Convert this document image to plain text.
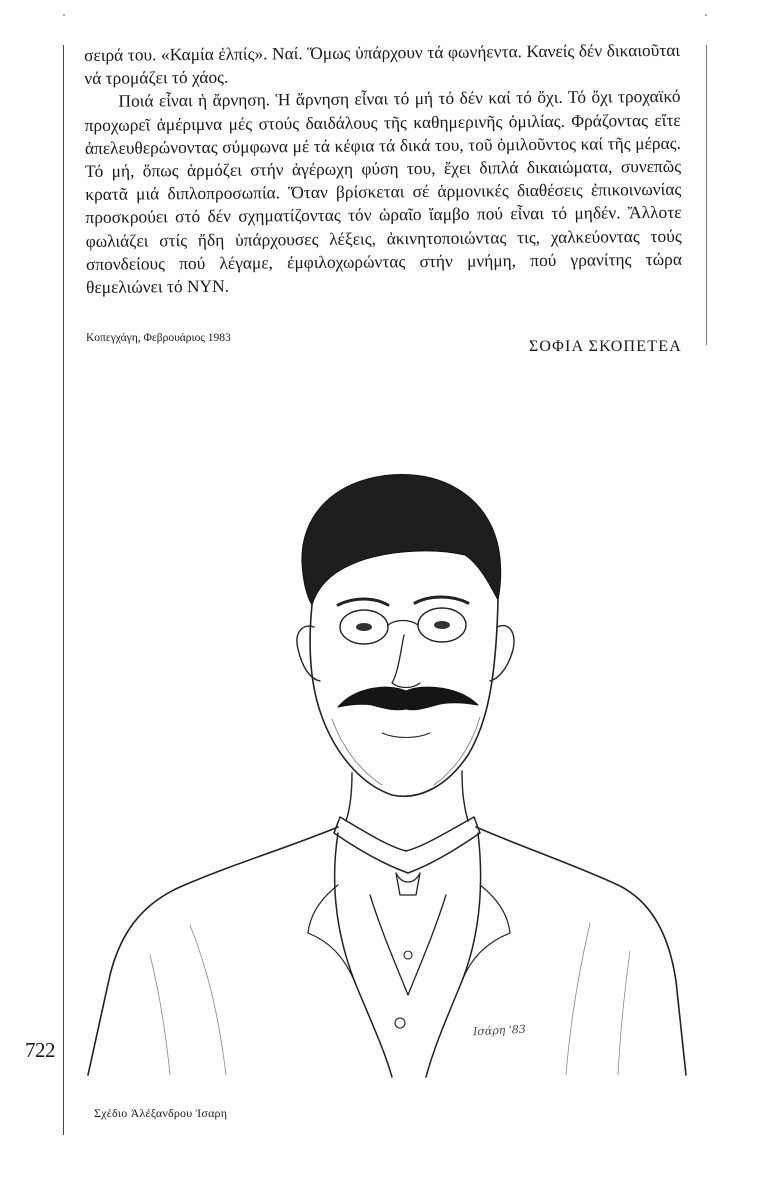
σειρά του. «Καμία ἐλπίς». Ναί. Ὅμως ὑπάρχουν τά φωνήεντα. Κανείς δέν δικαιοῦται νά τρομάζει τό χάος.

Ποιά εἶναι ἡ ἄρνηση. Ἡ ἄρνηση εἶναι τό μή τό δέν καί τό ὄχι. Τό ὄχι τροχαϊκό προχωρεῖ ἀμέριμνα μές στούς δαιδάλους τῆς καθημερινῆς ὁμιλίας. Φράζοντας εἴτε ἀπελευθερώνοντας σύμφωνα μέ τά κέφια τά δικά του, τοῦ ὁμιλοῦντος καί τῆς μέρας. Τό μή, ὅπως ἁρμόζει στήν ἀγέρωχη φύση του, ἔχει διπλά δικαιώματα, συνεπῶς κρατᾶ μιά διπλοπροσωπία. Ὅταν βρίσκεται σέ ἁρμονικές διαθέσεις ἐπικοινωνίας προσκρούει στό δέν σχηματίζοντας τόν ὡραῖο ἴαμβο πού εἶναι τό μηδέν. Ἄλλοτε φωλιάζει στίς ἤδη ὑπάρχουσες λέξεις, ἀκινητοποιώντας τις, χαλκεύοντας τούς σπονδείους πού λέγαμε, ἐμφιλοχωρώντας στήν μνήμη, πού γρανίτης τώρα θεμελιώνει τό ΝΥΝ.

Κοπεγχάγη, Φεβρουάριος 1983	ΣΟΦΙΑ ΣΚΟΠΕΤΕΑ
Ισάρη '83
722
Σχέδιο Ἀλέξανδρου Ἰσαρη
